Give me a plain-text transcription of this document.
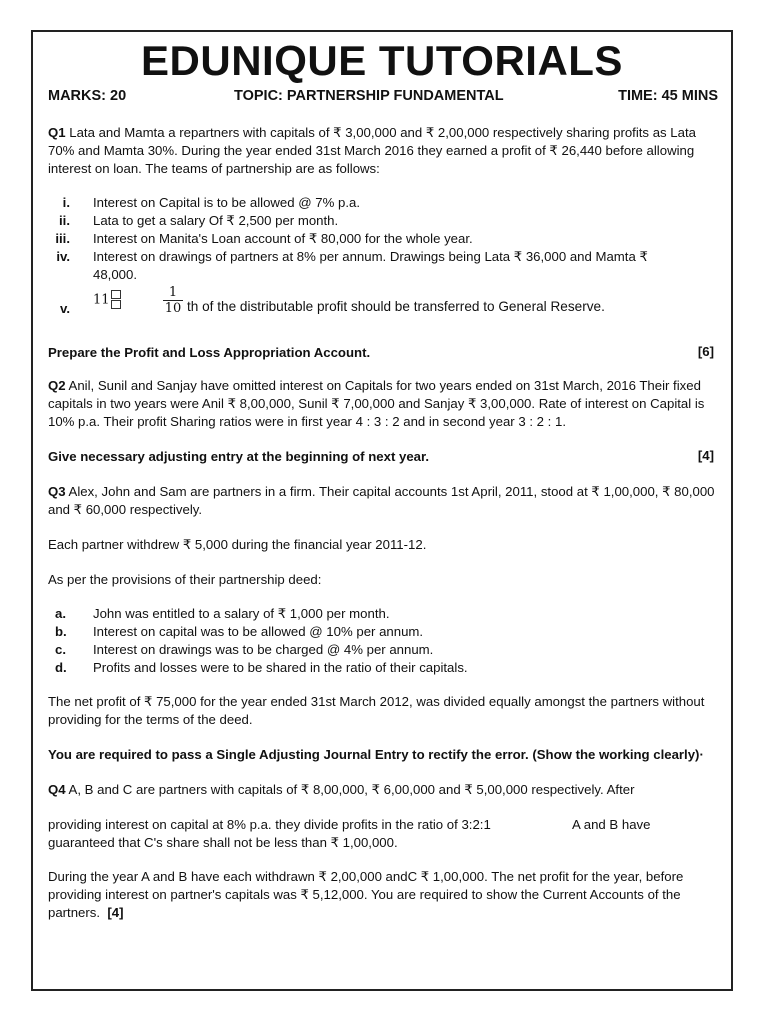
EDUNIQUE TUTORIALS
MARKS: 20	TOPIC: PARTNERSHIP FUNDAMENTAL	TIME: 45 MINS
Q1 Lata and Mamta a repartners with capitals of ₹ 3,00,000 and ₹ 2,00,000 respectively sharing profits as Lata 70% and Mamta 30%. During the year ended 31st March 2016 they earned a profit of ₹ 26,440 before allowing interest on loan. The teams of partnership are as follows:
i. Interest on Capital is to be allowed @ 7% p.a.
ii. Lata to get a salary Of ₹ 2,500 per month.
iii. Interest on Manita's Loan account of ₹ 80,000 for the whole year.
iv. Interest on drawings of partners at 8% per annum. Drawings being Lata ₹ 36,000 and Mamta ₹ 48,000.
v.
11	$\frac{1}{10}$ th of the distributable profit should be transferred to General Reserve.
Prepare the Profit and Loss Appropriation Account.	[6]
Q2 Anil, Sunil and Sanjay have omitted interest on Capitals for two years ended on 31st March, 2016 Their fixed capitals in two years were Anil ₹ 8,00,000, Sunil ₹ 7,00,000 and Sanjay ₹ 3,00,000. Rate of interest on Capital is 10% p.a. Their profit Sharing ratios were in first year 4 : 3 : 2 and in second year 3 : 2 : 1.
Give necessary adjusting entry at the beginning of next year.	[4]
Q3 Alex, John and Sam are partners in a firm. Their capital accounts 1st April, 2011, stood at ₹ 1,00,000, ₹ 80,000 and ₹ 60,000 respectively.
Each partner withdrew ₹ 5,000 during the financial year 2011-12.
As per the provisions of their partnership deed:
a.	John was entitled to a salary of ₹ 1,000 per month.
b.	Interest on capital was to be allowed @ 10% per annum.
c.	Interest on drawings was to be charged @ 4% per annum.
d.	Profits and losses were to be shared in the ratio of their capitals.
The net profit of ₹ 75,000 for the year ended 31st March 2012, was divided equally amongst the partners without providing for the terms of the deed.
You are required to pass a Single Adjusting Journal Entry to rectify the error. (Show the working clearly)·
Q4 A, B and C are partners with capitals of ₹ 8,00,000, ₹ 6,00,000 and ₹ 5,00,000 respectively. After
providing interest on capital at 8% p.a. they divide profits in the ratio of 3:2:1	A and B have
guaranteed that C's share shall not be less than ₹ 1,00,000.
During the year A and B have each withdrawn ₹ 2,00,000 andC ₹ 1,00,000. The net profit for the year, before providing interest on partner's capitals was ₹ 5,12,000. You are required to show the Current Accounts of the partners. [4]
